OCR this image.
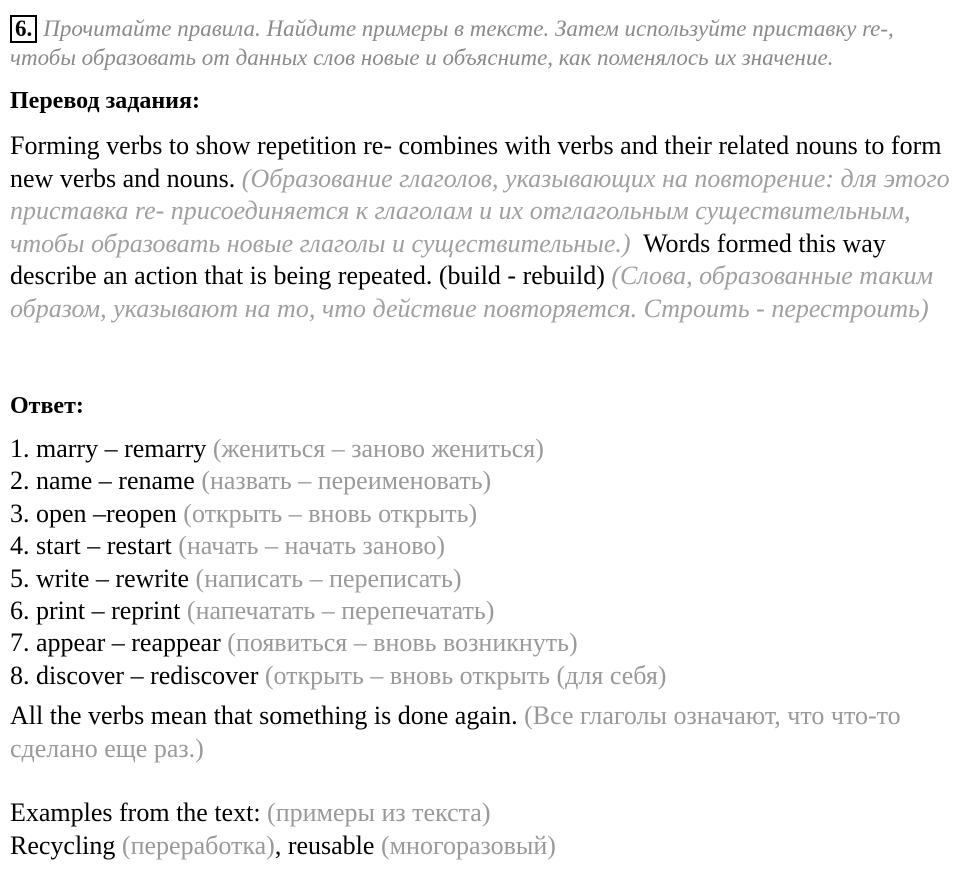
6. Прочитайте правила. Найдите примеры в тексте. Затем используйте приставку re-, чтобы образовать от данных слов новые и объясните, как поменялось их значение.
Перевод задания:
Forming verbs to show repetition re- combines with verbs and their related nouns to form new verbs and nouns. (Образование глаголов, указывающих на повторение: для этого приставка re- присоединяется к глаголам и их отглагольным существительным, чтобы образовать новые глаголы и существительные.) Words formed this way describe an action that is being repeated. (build - rebuild) (Слова, образованные таким образом, указывают на то, что действие повторяется. Строить - перестроить)
Ответ:
1. marry – remarry (жениться – заново жениться)
2. name – rename (назвать – переименовать)
3. open –reopen (открыть – вновь открыть)
4. start – restart (начать – начать заново)
5. write – rewrite (написать – переписать)
6. print – reprint (напечатать – перепечатать)
7. appear – reappear (появиться – вновь возникнуть)
8. discover – rediscover (открыть – вновь открыть (для себя)
All the verbs mean that something is done again. (Все глаголы означают, что что-то сделано еще раз.)
Examples from the text: (примеры из текста)
Recycling (переработка), reusable (многоразовый)
